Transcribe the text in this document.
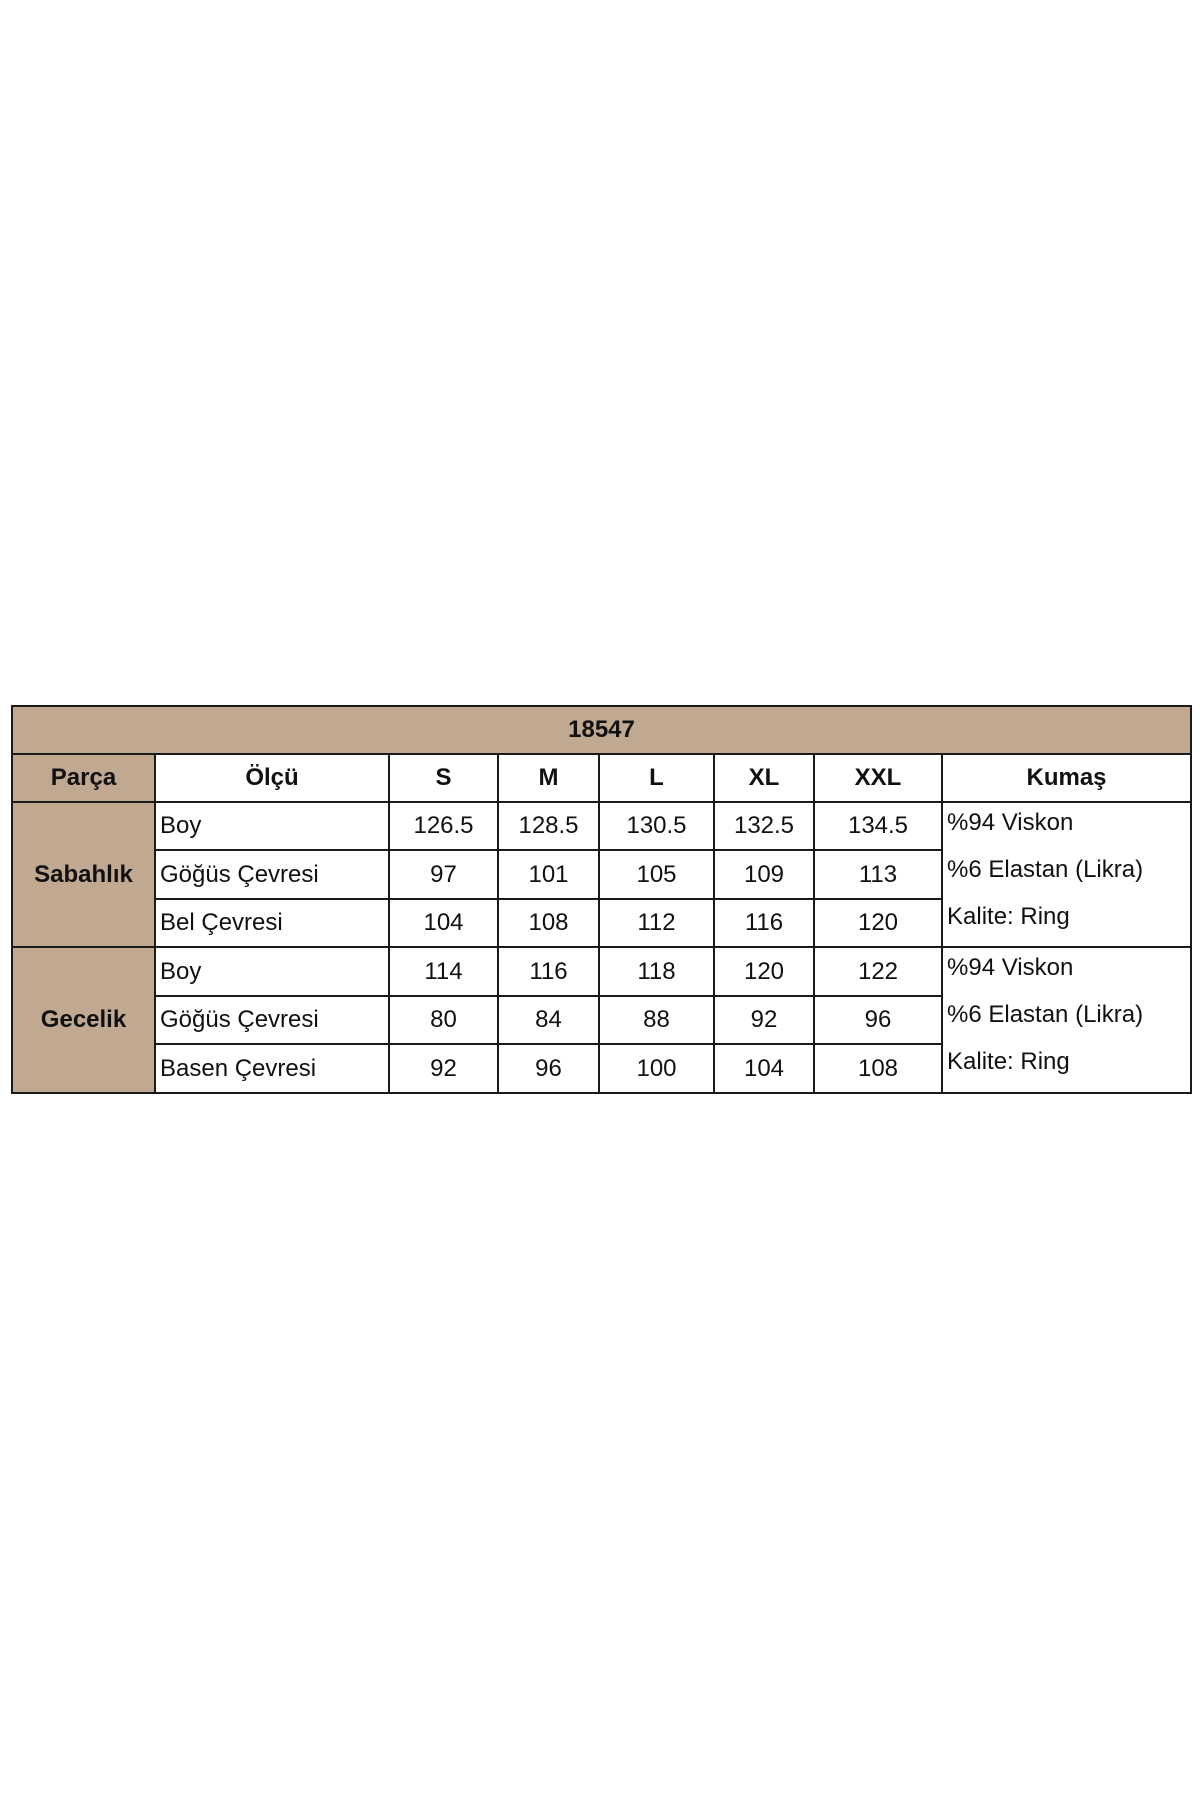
18547							
Parça	Ölçü	S	M	L	XL	XXL	Kumaş
Sabahlık	Boy	126.5	128.5	130.5	132.5	134.5	%94 Viskon
%6 Elastan (Likra)
Kalite: Ring

	Göğüs Çevresi	97	101	105	109	113	
	Bel Çevresi	104	108	112	116	120	
Gecelik	Boy	114	116	118	120	122	%94 Viskon
%6 Elastan (Likra)
Kalite: Ring

	Göğüs Çevresi	80	84	88	92	96	
	Basen Çevresi	92	96	100	104	108	
